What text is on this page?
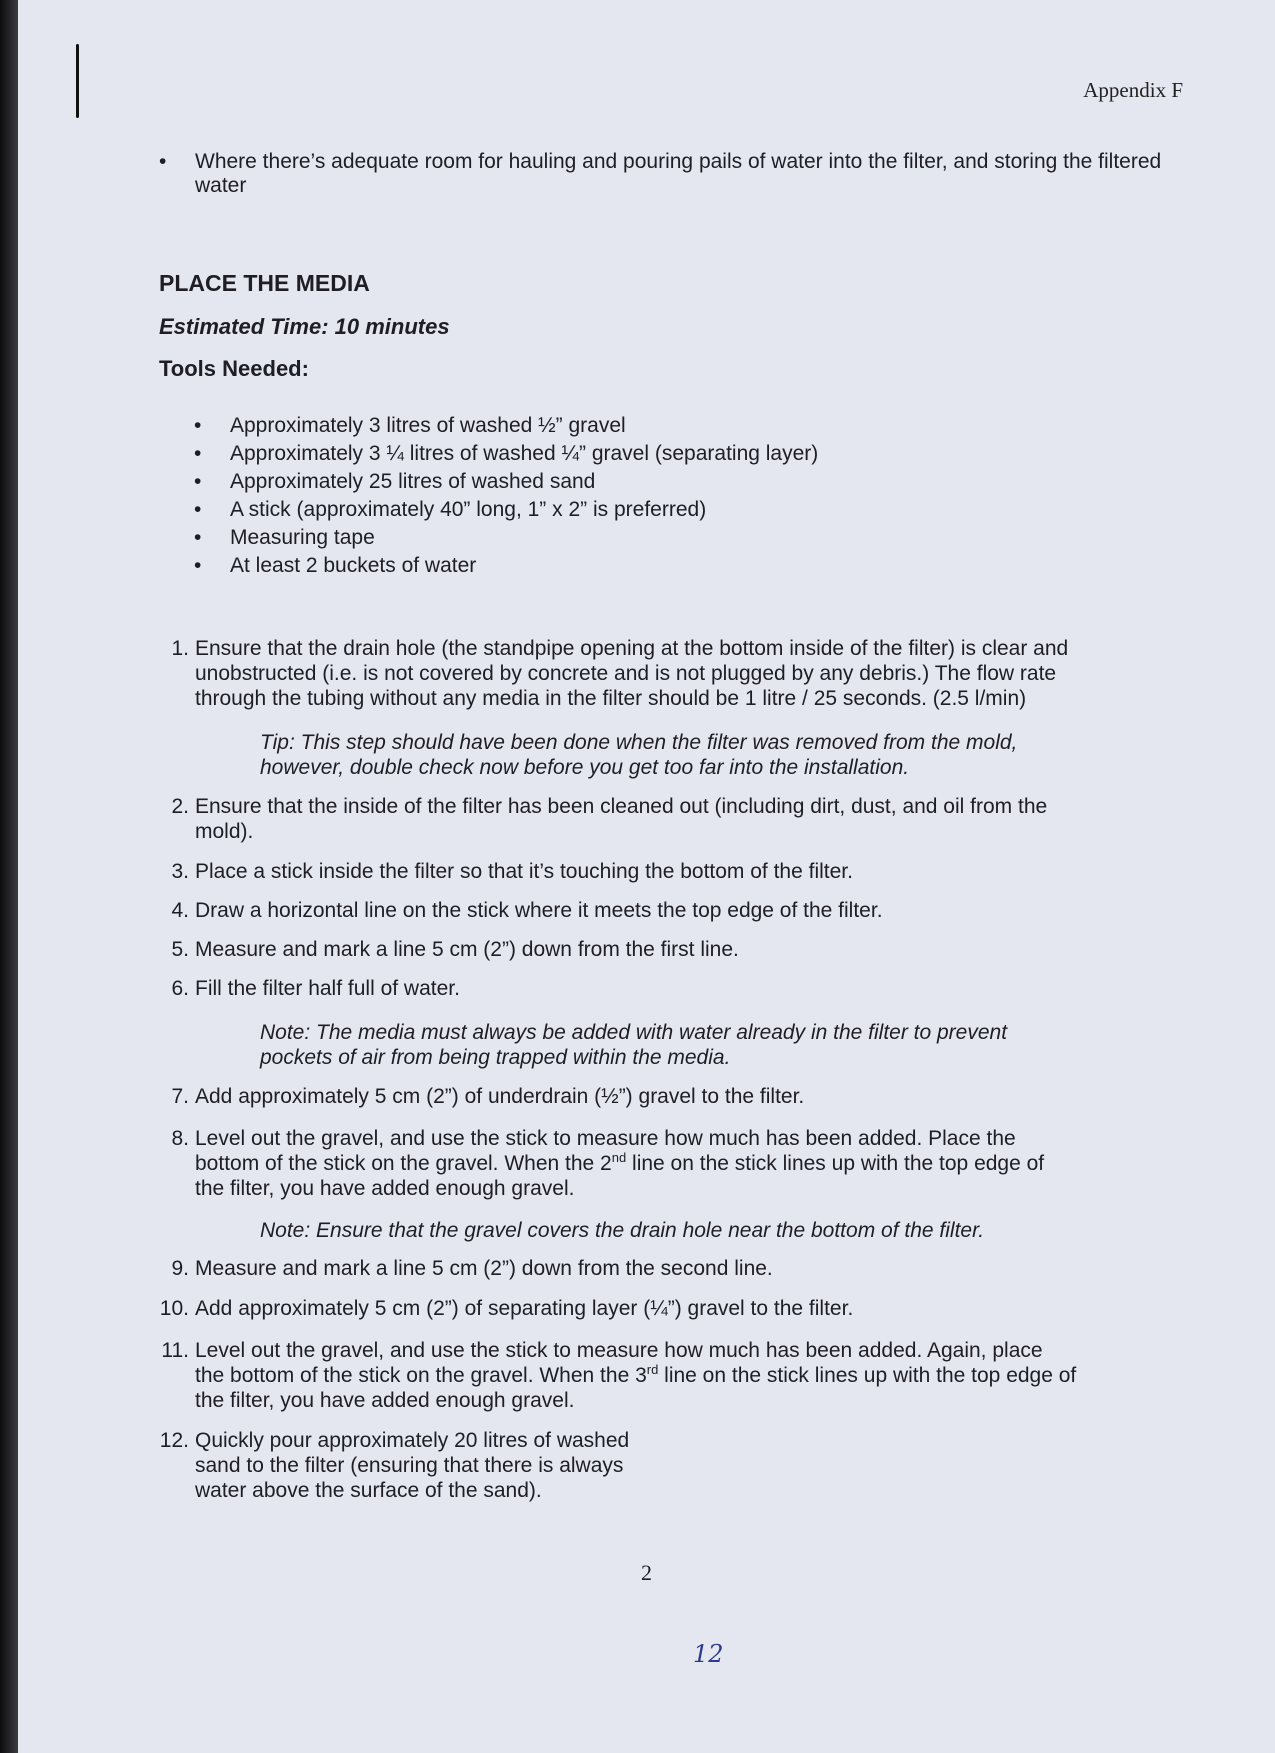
Appendix F
• Where there’s adequate room for hauling and pouring pails of water into the filter, and storing the filtered water
PLACE THE MEDIA
Estimated Time: 10 minutes
Tools Needed:
• Approximately 3 litres of washed ½” gravel
• Approximately 3 ¼ litres of washed ¼” gravel (separating layer)
• Approximately 25 litres of washed sand
• A stick (approximately 40” long, 1” x 2” is preferred)
• Measuring tape
• At least 2 buckets of water
1. Ensure that the drain hole (the standpipe opening at the bottom inside of the filter) is clear and
unobstructed (i.e. is not covered by concrete and is not plugged by any debris.) The flow rate
through the tubing without any media in the filter should be 1 litre / 25 seconds. (2.5 l/min)
Tip: This step should have been done when the filter was removed from the mold,
however, double check now before you get too far into the installation.
2. Ensure that the inside of the filter has been cleaned out (including dirt, dust, and oil from the
mold).
3. Place a stick inside the filter so that it’s touching the bottom of the filter.
4. Draw a horizontal line on the stick where it meets the top edge of the filter.
5. Measure and mark a line 5 cm (2”) down from the first line.
6. Fill the filter half full of water.
Note: The media must always be added with water already in the filter to prevent
pockets of air from being trapped within the media.
7. Add approximately 5 cm (2”) of underdrain (½”) gravel to the filter.
8. Level out the gravel, and use the stick to measure how much has been added. Place the
bottom of the stick on the gravel. When the 2nd line on the stick lines up with the top edge of
the filter, you have added enough gravel.
Note: Ensure that the gravel covers the drain hole near the bottom of the filter.
9. Measure and mark a line 5 cm (2”) down from the second line.
10. Add approximately 5 cm (2”) of separating layer (¼”) gravel to the filter.
11. Level out the gravel, and use the stick to measure how much has been added. Again, place
the bottom of the stick on the gravel. When the 3rd line on the stick lines up with the top edge of
the filter, you have added enough gravel.
12. Quickly pour approximately 20 litres of washed
sand to the filter (ensuring that there is always
water above the surface of the sand).
2
12
